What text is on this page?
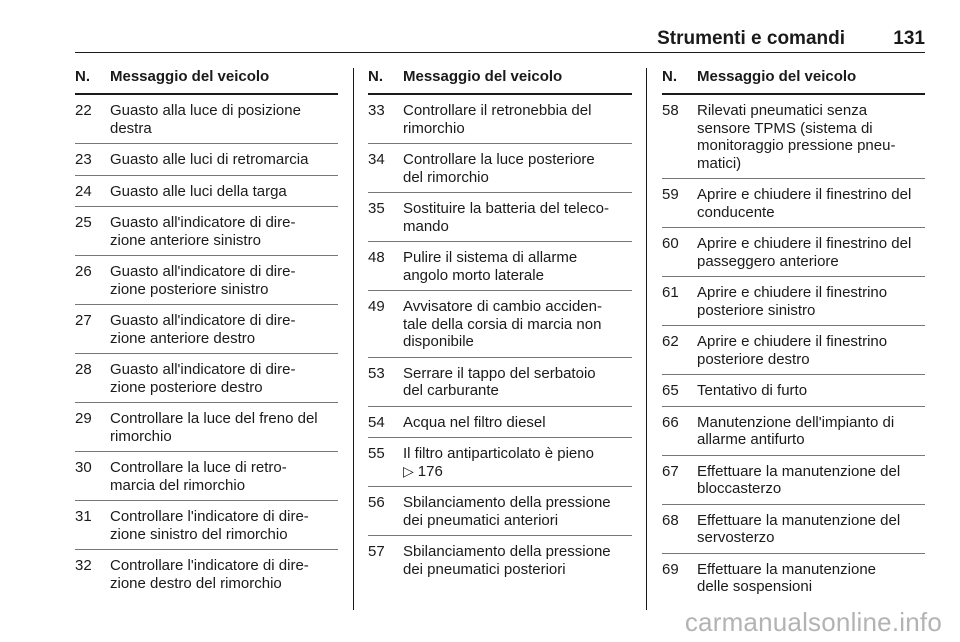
Strumenti e comandi	131
N.	Messaggio del veicolo
22	Guasto alla luce di posizione
destra
23	Guasto alle luci di retromarcia
24	Guasto alle luci della targa
25	Guasto all'indicatore di dire-
zione anteriore sinistro
26	Guasto all'indicatore di dire-
zione posteriore sinistro
27	Guasto all'indicatore di dire-
zione anteriore destro
28	Guasto all'indicatore di dire-
zione posteriore destro
29	Controllare la luce del freno del
rimorchio
30	Controllare la luce di retro-
marcia del rimorchio
31	Controllare l'indicatore di dire-
zione sinistro del rimorchio
32	Controllare l'indicatore di dire-
zione destro del rimorchio
N.	Messaggio del veicolo
33	Controllare il retronebbia del
rimorchio
34	Controllare la luce posteriore
del rimorchio
35	Sostituire la batteria del teleco-
mando
48	Pulire il sistema di allarme
angolo morto laterale
49	Avvisatore di cambio acciden-
tale della corsia di marcia non
disponibile
53	Serrare il tappo del serbatoio
del carburante
54	Acqua nel filtro diesel
55	Il filtro antiparticolato è pieno
▷ 176
56	Sbilanciamento della pressione
dei pneumatici anteriori
57	Sbilanciamento della pressione
dei pneumatici posteriori
N.	Messaggio del veicolo
58	Rilevati pneumatici senza
sensore TPMS (sistema di
monitoraggio pressione pneu-
matici)
59	Aprire e chiudere il finestrino del
conducente
60	Aprire e chiudere il finestrino del
passeggero anteriore
61	Aprire e chiudere il finestrino
posteriore sinistro
62	Aprire e chiudere il finestrino
posteriore destro
65	Tentativo di furto
66	Manutenzione dell'impianto di
allarme antifurto
67	Effettuare la manutenzione del
bloccasterzo
68	Effettuare la manutenzione del
servosterzo
69	Effettuare la manutenzione
delle sospensioni
carmanualsonline.info
